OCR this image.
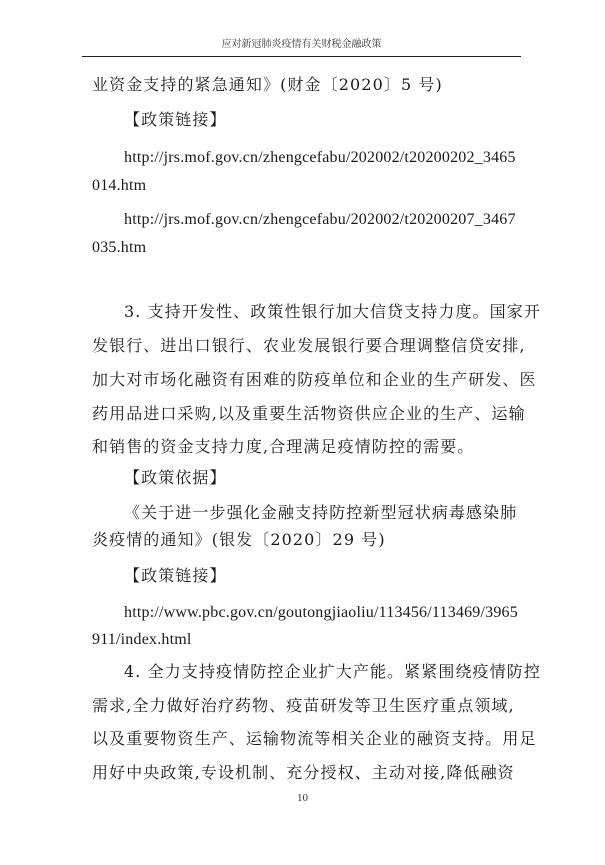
应对新冠肺炎疫情有关财税金融政策
业资金支持的紧急通知》(财金〔2020〕5 号)
【政策链接】
http://jrs.mof.gov.cn/zhengcefabu/202002/t20200202_3465
014.htm
http://jrs.mof.gov.cn/zhengcefabu/202002/t20200207_3467
035.htm
3. 支持开发性、政策性银行加大信贷支持力度。国家开
发银行、进出口银行、农业发展银行要合理调整信贷安排,
加大对市场化融资有困难的防疫单位和企业的生产研发、医
药用品进口采购,以及重要生活物资供应企业的生产、运输
和销售的资金支持力度,合理满足疫情防控的需要。
【政策依据】
《关于进一步强化金融支持防控新型冠状病毒感染肺
炎疫情的通知》(银发〔2020〕29 号)
【政策链接】
http://www.pbc.gov.cn/goutongjiaoliu/113456/113469/3965
911/index.html
4. 全力支持疫情防控企业扩大产能。紧紧围绕疫情防控
需求,全力做好治疗药物、疫苗研发等卫生医疗重点领域,
以及重要物资生产、运输物流等相关企业的融资支持。用足
用好中央政策,专设机制、充分授权、主动对接,降低融资
10
